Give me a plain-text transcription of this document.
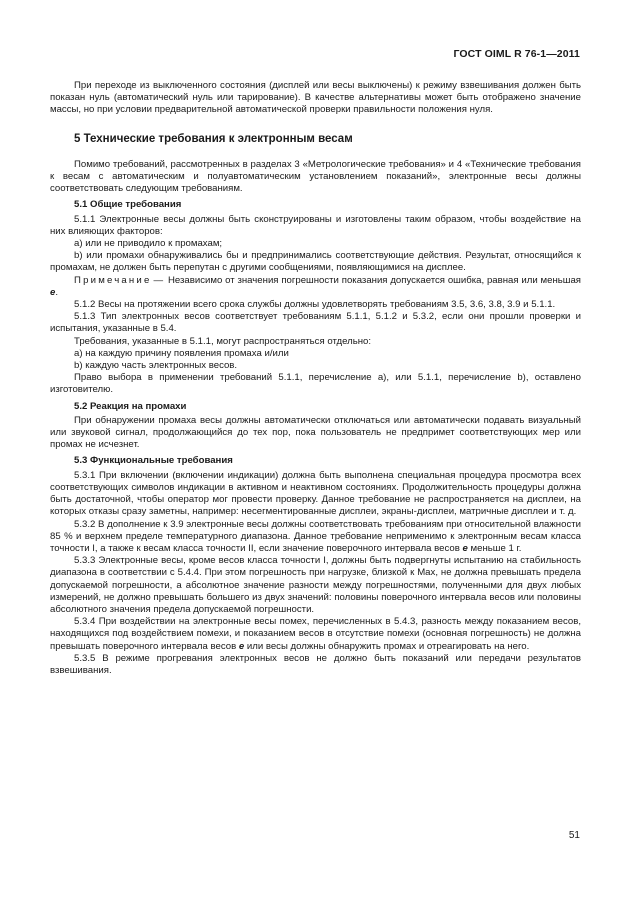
ГОСТ OIML R 76-1—2011

При переходе из выключенного состояния (дисплей или весы выключены) к режиму взвешивания должен быть показан нуль (автоматический нуль или тарирование). В качестве альтернативы может быть отображено значение массы, но при условии предварительной автоматической проверки правильности положения нуля.

5 Технические требования к электронным весам

Помимо требований, рассмотренных в разделах 3 «Метрологические требования» и 4 «Технические требования к весам с автоматическим и полуавтоматическим установлением показаний», электронные весы должны соответствовать следующим требованиям.

5.1 Общие требования

5.1.1 Электронные весы должны быть сконструированы и изготовлены таким образом, чтобы воздействие на них влияющих факторов:

а) или не приводило к промахам;

b) или промахи обнаруживались бы и предпринимались соответствующие действия. Результат, относящийся к промахам, не должен быть перепутан с другими сообщениями, появляющимися на дисплее.

Примечание — Независимо от значения погрешности показания допускается ошибка, равная или меньшая e.

5.1.2 Весы на протяжении всего срока службы должны удовлетворять требованиям 3.5, 3.6, 3.8, 3.9 и 5.1.1.

5.1.3 Тип электронных весов соответствует требованиям 5.1.1, 5.1.2 и 5.3.2, если они прошли проверки и испытания, указанные в 5.4.

Требования, указанные в 5.1.1, могут распространяться отдельно:

а) на каждую причину появления промаха и/или

b) каждую часть электронных весов.

Право выбора в применении требований 5.1.1, перечисление а), или 5.1.1, перечисление b), оставлено изготовителю.

5.2 Реакция на промахи

При обнаружении промаха весы должны автоматически отключаться или автоматически подавать визуальный или звуковой сигнал, продолжающийся до тех пор, пока пользователь не предпримет соответствующих мер или промах не исчезнет.

5.3 Функциональные требования

5.3.1 При включении (включении индикации) должна быть выполнена специальная процедура просмотра всех соответствующих символов индикации в активном и неактивном состояниях. Продолжительность процедуры должна быть достаточной, чтобы оператор мог провести проверку. Данное требование не распространяется на дисплеи, на которых отказы сразу заметны, например: несегментированные дисплеи, экраны-дисплеи, матричные дисплеи и т. д.

5.3.2 В дополнение к 3.9 электронные весы должны соответствовать требованиям при относительной влажности 85 % и верхнем пределе температурного диапазона. Данное требование неприменимо к электронным весам класса точности I, а также к весам класса точности II, если значение поверочного интервала весов e меньше 1 г.

5.3.3 Электронные весы, кроме весов класса точности I, должны быть подвергнуты испытанию на стабильность диапазона в соответствии с 5.4.4. При этом погрешность при нагрузке, близкой к Max, не должна превышать предела допускаемой погрешности, а абсолютное значение разности между погрешностями, полученными для двух любых измерений, не должно превышать большего из двух значений: половины поверочного интервала весов или половины абсолютного значения предела допускаемой погрешности.

5.3.4 При воздействии на электронные весы помех, перечисленных в 5.4.3, разность между показанием весов, находящихся под воздействием помехи, и показанием весов в отсутствие помехи (основная погрешность) не должна превышать поверочного интервала весов e или весы должны обнаружить промах и отреагировать на него.

5.3.5 В режиме прогревания электронных весов не должно быть показаний или передачи результатов взвешивания.

51
